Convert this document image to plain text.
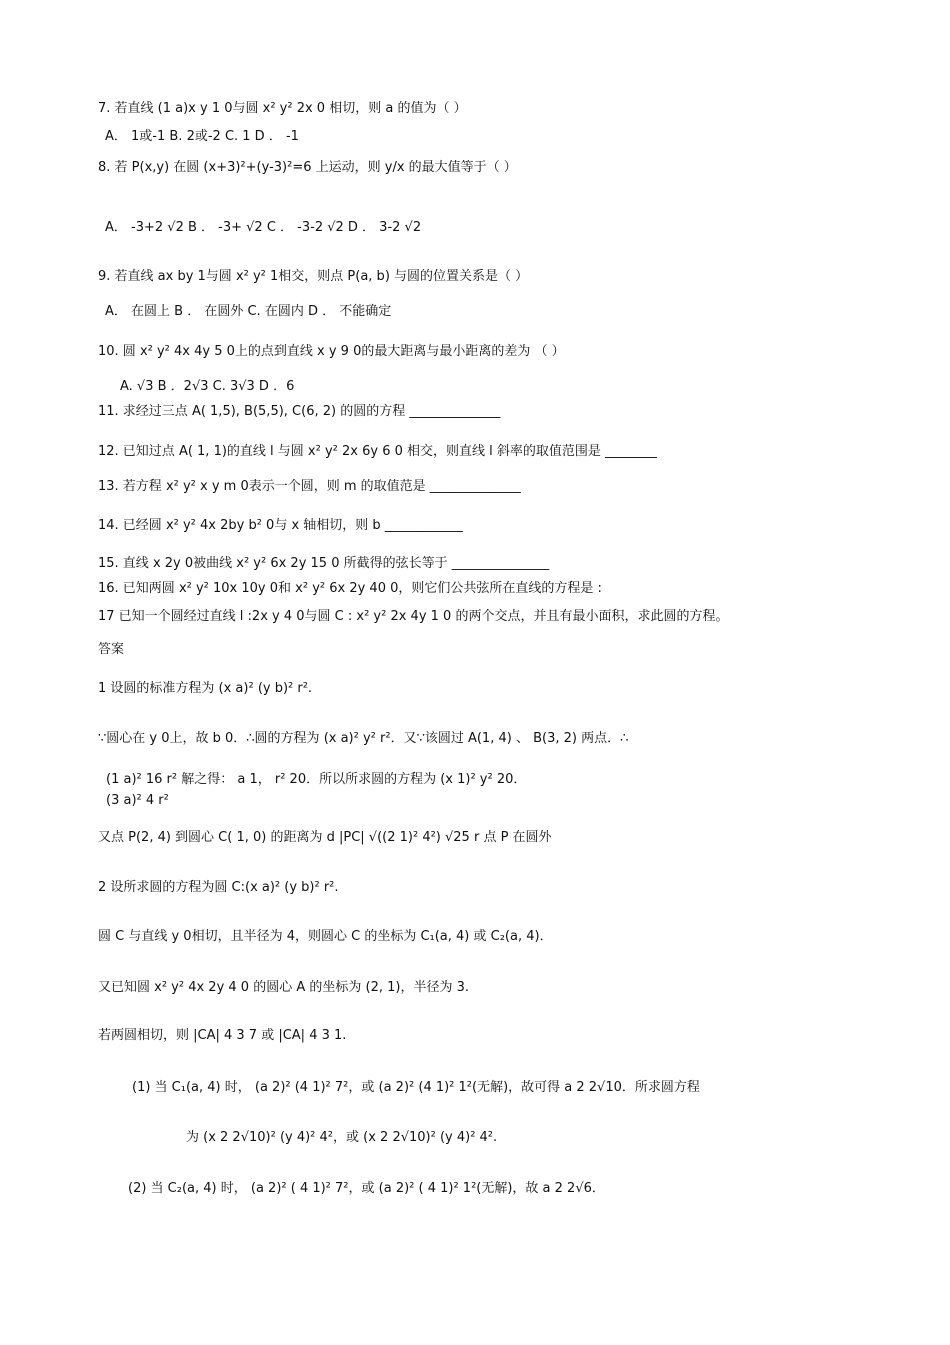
7. 若直线 (1 a)x y 1 0与圆 x² y² 2x 0 相切，则 a 的值为（ ）
A． 1或-1 B. 2或-2 C. 1 D ． -1
8. 若 P(x,y) 在圆 (x+3)²+(y-3)²=6 上运动，则 y/x 的最大值等于（ ）
A． -3+2 √2 B ． -3+ √2 C ． -3-2 √2 D ． 3-2 √2
9. 若直线 ax by 1与圆 x² y² 1相交，则点 P(a, b) 与圆的位置关系是（ ）
A． 在圆上 B ． 在圆外 C. 在圆内 D ． 不能确定
10. 圆 x² y² 4x 4y 5 0上的点到直线 x y 9 0的最大距离与最小距离的差为 （ ）
A. √3 B ．2√3 C. 3√3 D ．6
11. 求经过三点 A( 1,5), B(5,5), C(6, 2) 的圆的方程 ______________
12. 已知过点 A( 1, 1)的直线 l 与圆 x² y² 2x 6y 6 0 相交，则直线 l 斜率的取值范围是 ________
13. 若方程 x² y² x y m 0表示一个圆，则 m 的取值范是 ______________
14. 已经圆 x² y² 4x 2by b² 0与 x 轴相切，则 b ____________
15. 直线 x 2y 0被曲线 x² y² 6x 2y 15 0 所截得的弦长等于 _______________
16. 已知两圆 x² y² 10x 10y 0和 x² y² 6x 2y 40 0，则它们公共弦所在直线的方程是 :
17 已知一个圆经过直线 l :2x y 4 0与圆 C : x² y² 2x 4y 1 0 的两个交点，并且有最小面积，求此圆的方程。
答案
1 设圆的标准方程为 (x a)² (y b)² r².
∵圆心在 y 0上，故 b 0．∴圆的方程为 (x a)² y² r²．又∵该圆过 A(1, 4) 、 B(3, 2) 两点．∴
(1 a)² 16 r² 解之得： a 1， r² 20．所以所求圆的方程为 (x 1)² y² 20．
(3 a)² 4 r²
又点 P(2, 4) 到圆心 C( 1, 0) 的距离为 d |PC| √((2 1)² 4²) √25 r 点 P 在圆外
2 设所求圆的方程为圆 C:(x a)² (y b)² r².
圆 C 与直线 y 0相切，且半径为 4，则圆心 C 的坐标为 C₁(a, 4) 或 C₂(a, 4)．
又已知圆 x² y² 4x 2y 4 0 的圆心 A 的坐标为 (2, 1)，半径为 3.
若两圆相切，则 |CA| 4 3 7 或 |CA| 4 3 1.
(1) 当 C₁(a, 4) 时， (a 2)² (4 1)² 7²，或 (a 2)² (4 1)² 1²(无解)，故可得 a 2 2√10．所求圆方程
为 (x 2 2√10)² (y 4)² 4²，或 (x 2 2√10)² (y 4)² 4².
(2) 当 C₂(a, 4) 时， (a 2)² ( 4 1)² 7²，或 (a 2)² ( 4 1)² 1²(无解)，故 a 2 2√6．
